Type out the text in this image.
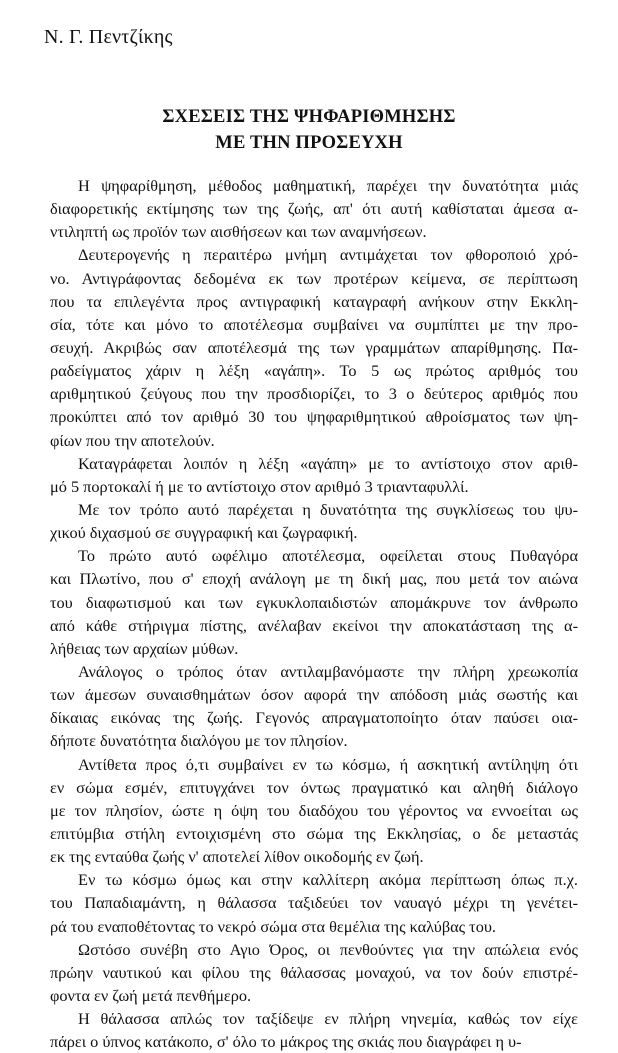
Ν. Γ. Πεντζίκης
ΣΧΕΣΕΙΣ ΤΗΣ ΨΗΦΑΡΙΘΜΗΣΗΣ
ΜΕ ΤΗΝ ΠΡΟΣΕΥΧΗ
Η ψηφαρίθμηση, μέθοδος μαθηματική, παρέχει την δυνατότητα μιάς
διαφορετικής εκτίμησης των της ζωής, απ' ότι αυτή καθίσταται άμεσα α-
ντιληπτή ως προϊόν των αισθήσεων και των αναμνήσεων.
Δευτερογενής η περαιτέρω μνήμη αντιμάχεται τον φθοροποιό χρό-
νο. Αντιγράφοντας δεδομένα εκ των προτέρων κείμενα, σε περίπτωση
που τα επιλεγέντα προς αντιγραφική καταγραφή ανήκουν στην Εκκλη-
σία, τότε και μόνο το αποτέλεσμα συμβαίνει να συμπίπτει με την προ-
σευχή. Ακριβώς σαν αποτέλεσμά της των γραμμάτων απαρίθμησης. Πα-
ραδείγματος χάριν η λέξη «αγάπη». Το 5 ως πρώτος αριθμός του
αριθμητικού ζεύγους που την προσδιορίζει, το 3 ο δεύτερος αριθμός που
προκύπτει από τον αριθμό 30 του ψηφαριθμητικού αθροίσματος των ψη-
φίων που την αποτελούν.
Καταγράφεται λοιπόν η λέξη «αγάπη» με το αντίστοιχο στον αριθ-
μό 5 πορτοκαλί ή με το αντίστοιχο στον αριθμό 3 τριανταφυλλί.
Με τον τρόπο αυτό παρέχεται η δυνατότητα της συγκλίσεως του ψυ-
χικού διχασμού σε συγγραφική και ζωγραφική.
Το πρώτο αυτό ωφέλιμο αποτέλεσμα, οφείλεται στους Πυθαγόρα
και Πλωτίνο, που σ' εποχή ανάλογη με τη δική μας, που μετά τον αιώνα
του διαφωτισμού και των εγκυκλοπαιδιστών απομάκρυνε τον άνθρωπο
από κάθε στήριγμα πίστης, ανέλαβαν εκείνοι την αποκατάσταση της α-
λήθειας των αρχαίων μύθων.
Ανάλογος ο τρόπος όταν αντιλαμβανόμαστε την πλήρη χρεωκοπία
των άμεσων συναισθημάτων όσον αφορά την απόδοση μιάς σωστής και
δίκαιας εικόνας της ζωής. Γεγονός απραγματοποίητο όταν παύσει οια-
δήποτε δυνατότητα διαλόγου με τον πλησίον.
Αντίθετα προς ό,τι συμβαίνει εν τω κόσμω, ή ασκητική αντίληψη ότι
εν σώμα εσμέν, επιτυγχάνει τον όντως πραγματικό και αληθή διάλογο
με τον πλησίον, ώστε η όψη του διαδόχου του γέροντος να εννοείται ως
επιτύμβια στήλη εντοιχισμένη στο σώμα της Εκκλησίας, ο δε μεταστάς
εκ της ενταύθα ζωής ν' αποτελεί λίθον οικοδομής εν ζωή.
Εν τω κόσμω όμως και στην καλλίτερη ακόμα περίπτωση όπως π.χ.
του Παπαδιαμάντη, η θάλασσα ταξιδεύει τον ναυαγό μέχρι τη γενέτει-
ρά του εναποθέτοντας το νεκρό σώμα στα θεμέλια της καλύβας του.
Ωστόσο συνέβη στο Αγιο Όρος, οι πενθούντες για την απώλεια ενός
πρώην ναυτικού και φίλου της θάλασσας μοναχού, να τον δούν επιστρέ-
φοντα εν ζωή μετά πενθήμερο.
Η θάλασσα απλώς τον ταξίδεψε εν πλήρη νηνεμία, καθώς τον είχε
πάρει ο ύπνος κατάκοπο, σ' όλο το μάκρος της σκιάς που διαγράφει η υ-
